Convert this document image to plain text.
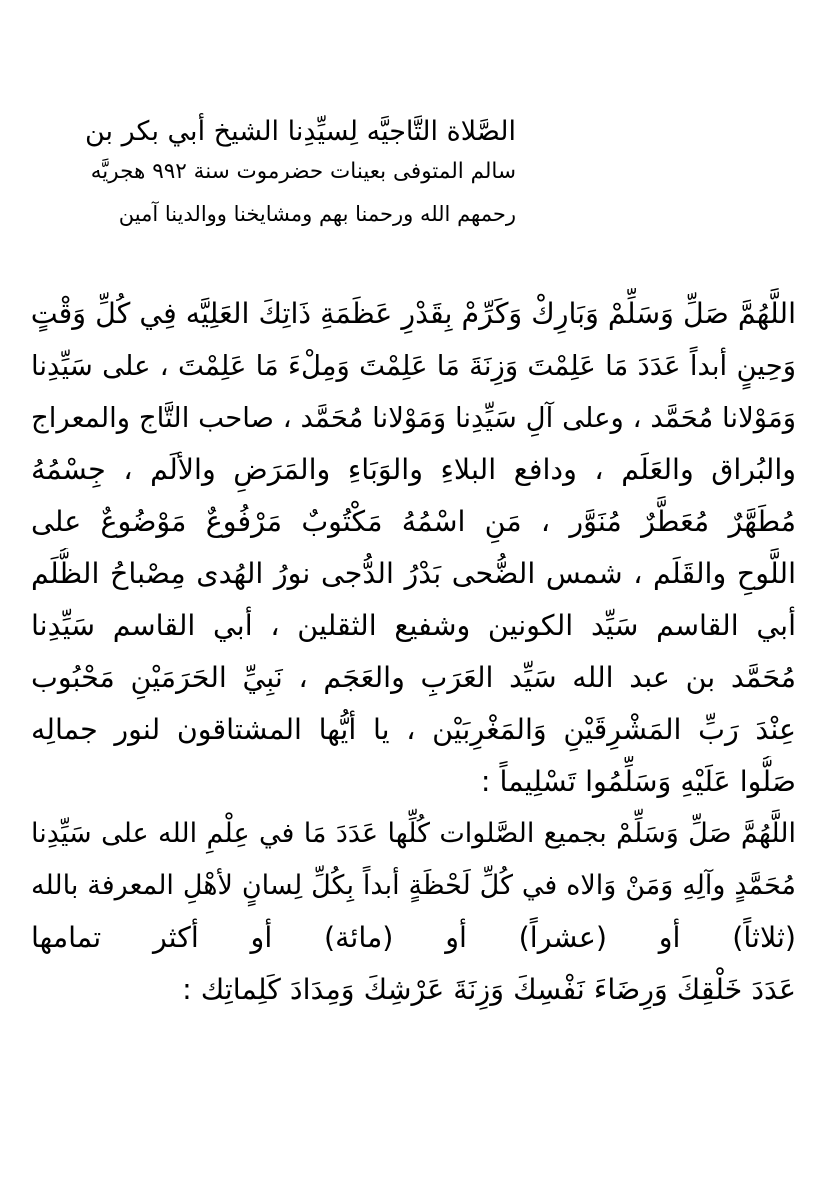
الصَّلاة التَّاجيَّه لِسيِّدِنا الشيخ أبي بكر بن
سالم المتوفى بعينات حضرموت سنة ٩٩٢ هجريَّه
رحمهم الله ورحمنا بهم ومشايخنا ووالدينا آمين
اللَّهُمَّ صَلِّ وَسَلِّمْ وَبَارِكْ وَكَرِّمْ بِقَدْرِ عَظَمَةِ ذَاتِكَ العَلِيَّه فِي كُلِّ وَقْتٍ
وَحِينٍ أبداً عَدَدَ مَا عَلِمْتَ وَزِنَةَ مَا عَلِمْتَ وَمِلْءَ مَا عَلِمْتَ ، على سَيِّدِنا
وَمَوْلانا مُحَمَّد ، وعلى آلِ سَيِّدِنا وَمَوْلانا مُحَمَّد ، صاحب التَّاج والمعراج
والبُراق والعَلَم ، ودافع البلاءِ والوَبَاءِ والمَرَضِ والألَم ، جِسْمُهُ
مُطَهَّرٌ مُعَطَّرٌ مُنَوَّر ، مَنِ اسْمُهُ مَكْتُوبٌ مَرْفُوعٌ مَوْضُوعٌ على
اللَّوحِ والقَلَم ، شمس الضُّحى بَدْرُ الدُّجى نورُ الهُدى مِصْباحُ الظُّلَم
أبي القاسم سَيِّد الكونين وشفيع الثقلين ، أبي القاسم سَيِّدِنا
مُحَمَّد بن عبد الله سَيِّد العَرَبِ والعَجَم ، نَبِيِّ الحَرَمَيْنِ مَحْبُوب
عِنْدَ رَبِّ المَشْرِقَيْنِ وَالمَغْرِبَيْن ، يا أيُّها المشتاقون لنور جمالِه
صَلُّوا عَلَيْهِ وَسَلِّمُوا تَسْلِيماً :
اللَّهُمَّ صَلِّ وَسَلِّمْ بجميع الصَّلوات كُلِّها عَدَدَ مَا في عِلْمِ الله على سَيِّدِنا
مُحَمَّدٍ وآلِهِ وَمَنْ وَالاه في كُلِّ لَحْظَةٍ أبداً بِكُلِّ لِسانٍ لأهْلِ المعرفة بالله
(ثلاثاً) أو (عشراً) أو (مائة) أو أكثر تمامها
عَدَدَ خَلْقِكَ وَرِضَاءَ نَفْسِكَ وَزِنَةَ عَرْشِكَ وَمِدَادَ كَلِماتِك :
